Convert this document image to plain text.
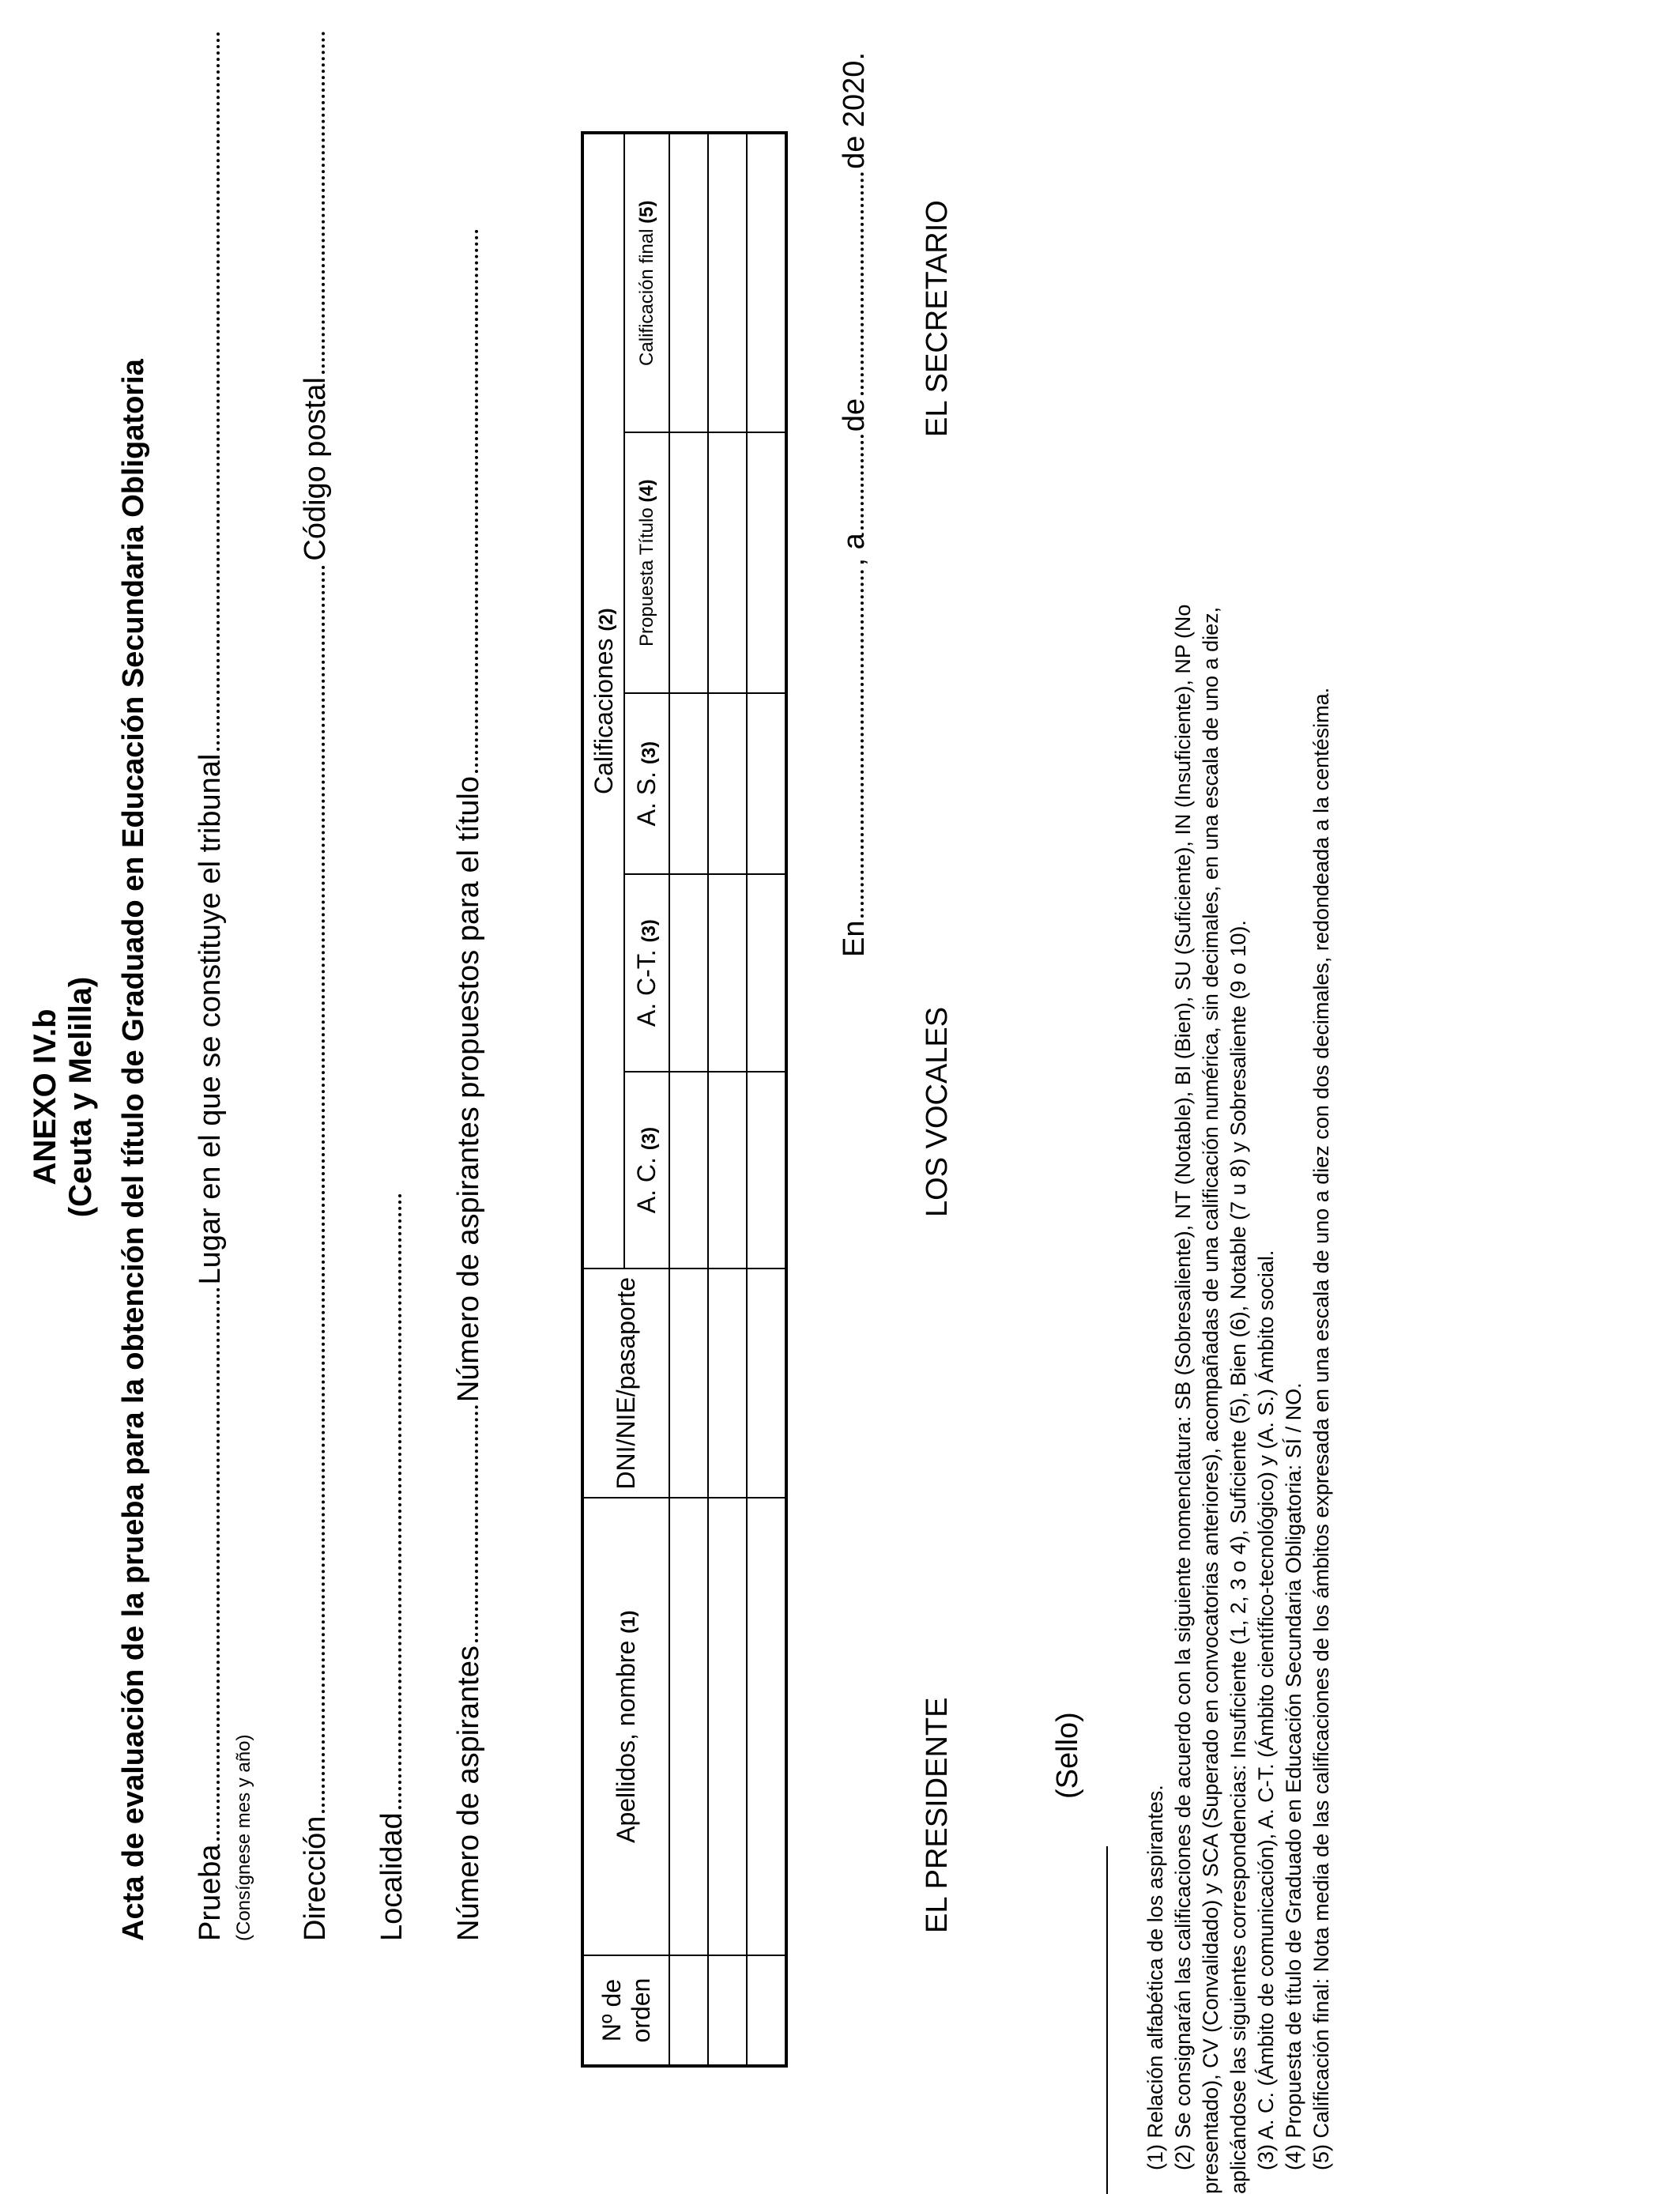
ANEXO IV.b (Ceuta y Melilla) Acta de evaluación de la prueba para la obtención del título de Graduado en Educación Secundaria Obligatoria Prueba
Lugar en el que se constituye el tribunal
(Consígnese mes y año) Dirección
Código postal
Localidad Número de aspirantes
Número de aspirantes propuestos para el título
Nº de orden	Apellidos, nombre (1)	DNI/NIE/pasaporte	Calificaciones (2)				
			A. C. (3)	A. C-T. (3)	A. S. (3)	Propuesta Título (4)	Calificación final (5)

En
, a
de
de 2020.
EL PRESIDENTE
LOS VOCALES
EL SECRETARIO
(Sello)
(1) Relación alfabética de los aspirantes. (2) Se consignarán las calificaciones de acuerdo con la siguiente nomenclatura: SB (Sobresaliente), NT (Notable), BI (Bien), SU (Suficiente), IN (Insuficiente), NP (No presentado), CV (Convalidado) y SCA (Superado en convocatorias anteriores), acompañadas de una calificación numérica, sin decimales, en una escala de uno a diez, aplicándose las siguientes correspondencias: Insuficiente (1, 2, 3 o 4), Suficiente (5), Bien (6), Notable (7 u 8) y Sobresaliente (9 o 10). (3) A. C. (Ámbito de comunicación), A. C-T. (Ámbito científico-tecnológico) y (A. S.) Ámbito social. (4) Propuesta de título de Graduado en Educación Secundaria Obligatoria: SÍ / NO. (5) Calificación final: Nota media de las calificaciones de los ámbitos expresada en una escala de uno a diez con dos decimales, redondeada a la centésima.
